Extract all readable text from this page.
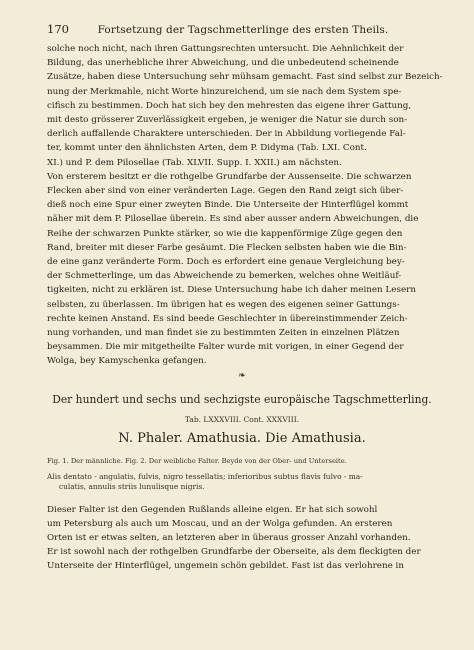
170	Fortsetzung der Tagschmetterlinge des ersten Theils.

solche noch nicht, nach ihren Gattungsrechten untersucht. Die Aehnlichkeit der
Bildung, das unerhebliche ihrer Abweichung, und die unbedeutend scheinende
Zusätze, haben diese Untersuchung sehr mühsam gemacht. Fast sind selbst zur Bezeich-
nung der Merkmahle, nicht Worte hinzureichend, um sie nach dem System spe-
cifisch zu bestimmen. Doch hat sich bey den mehresten das eigene ihrer Gattung,
mit desto grösserer Zuverlässigkeit ergeben, je weniger die Natur sie durch son-
derlich auffallende Charaktere unterschieden. Der in Abbildung vorliegende Fal-
ter, kommt unter den ähnlichsten Arten, dem P. Didyma (Tab. LXI. Cont.
XI.) und P. dem Pilosellae (Tab. XLVII. Supp. I. XXII.) am nächsten.
Von ersterem besitzt er die rothgelbe Grundfarbe der Aussenseite. Die schwarzen
Flecken aber sind von einer veränderten Lage. Gegen den Rand zeigt sich über-
dieß noch eine Spur einer zweyten Binde. Die Unterseite der Hinterflügel kommt
näher mit dem P. Pilosellae überein. Es sind aber ausser andern Abweichungen, die
Reihe der schwarzen Punkte stärker, so wie die kappenförmige Züge gegen den
Rand, breiter mit dieser Farbe gesäumt. Die Flecken selbsten haben wie die Bin-
de eine ganz veränderte Form. Doch es erfordert eine genaue Vergleichung bey-
der Schmetterlinge, um das Abweichende zu bemerken, welches ohne Weitläuf-
tigkeiten, nicht zu erklären ist. Diese Untersuchung habe ich daher meinen Lesern
selbsten, zu überlassen. Im übrigen hat es wegen des eigenen seiner Gattungs-
rechte keinen Anstand. Es sind beede Geschlechter in übereinstimmender Zeich-
nung vorhanden, und man findet sie zu bestimmten Zeiten in einzelnen Plätzen
beysammen. Die mir mitgetheilte Falter wurde mit vorigen, in einer Gegend der
Wolga, bey Kamyschenka gefangen.

❧
Der hundert und sechs und sechzigste europäische Tagschmetterling.
Tab. LXXXVIII. Cont. XXXVIII.
N. Phaler. Amathusia. Die Amathusia.
Fig. 1. Der männliche. Fig. 2. Der weibliche Falter. Beyde von der Ober- und Unterseite.
Alis dentato - angulatis, fulvis, nigro tessellatis; inferioribus subtus flavis fulvo - ma-
culatis, annulis striis lunulisque nigris.

Dieser Falter ist den Gegenden Rußlands alleine eigen. Er hat sich sowohl
um Petersburg als auch um Moscau, und an der Wolga gefunden. An ersteren
Orten ist er etwas selten, an letzteren aber in überaus grosser Anzahl vorhanden.
Er ist sowohl nach der rothgelben Grundfarbe der Oberseite, als dem fleckigten der
Unterseite der Hinterflügel, ungemein schön gebildet. Fast ist das verlohrene in
